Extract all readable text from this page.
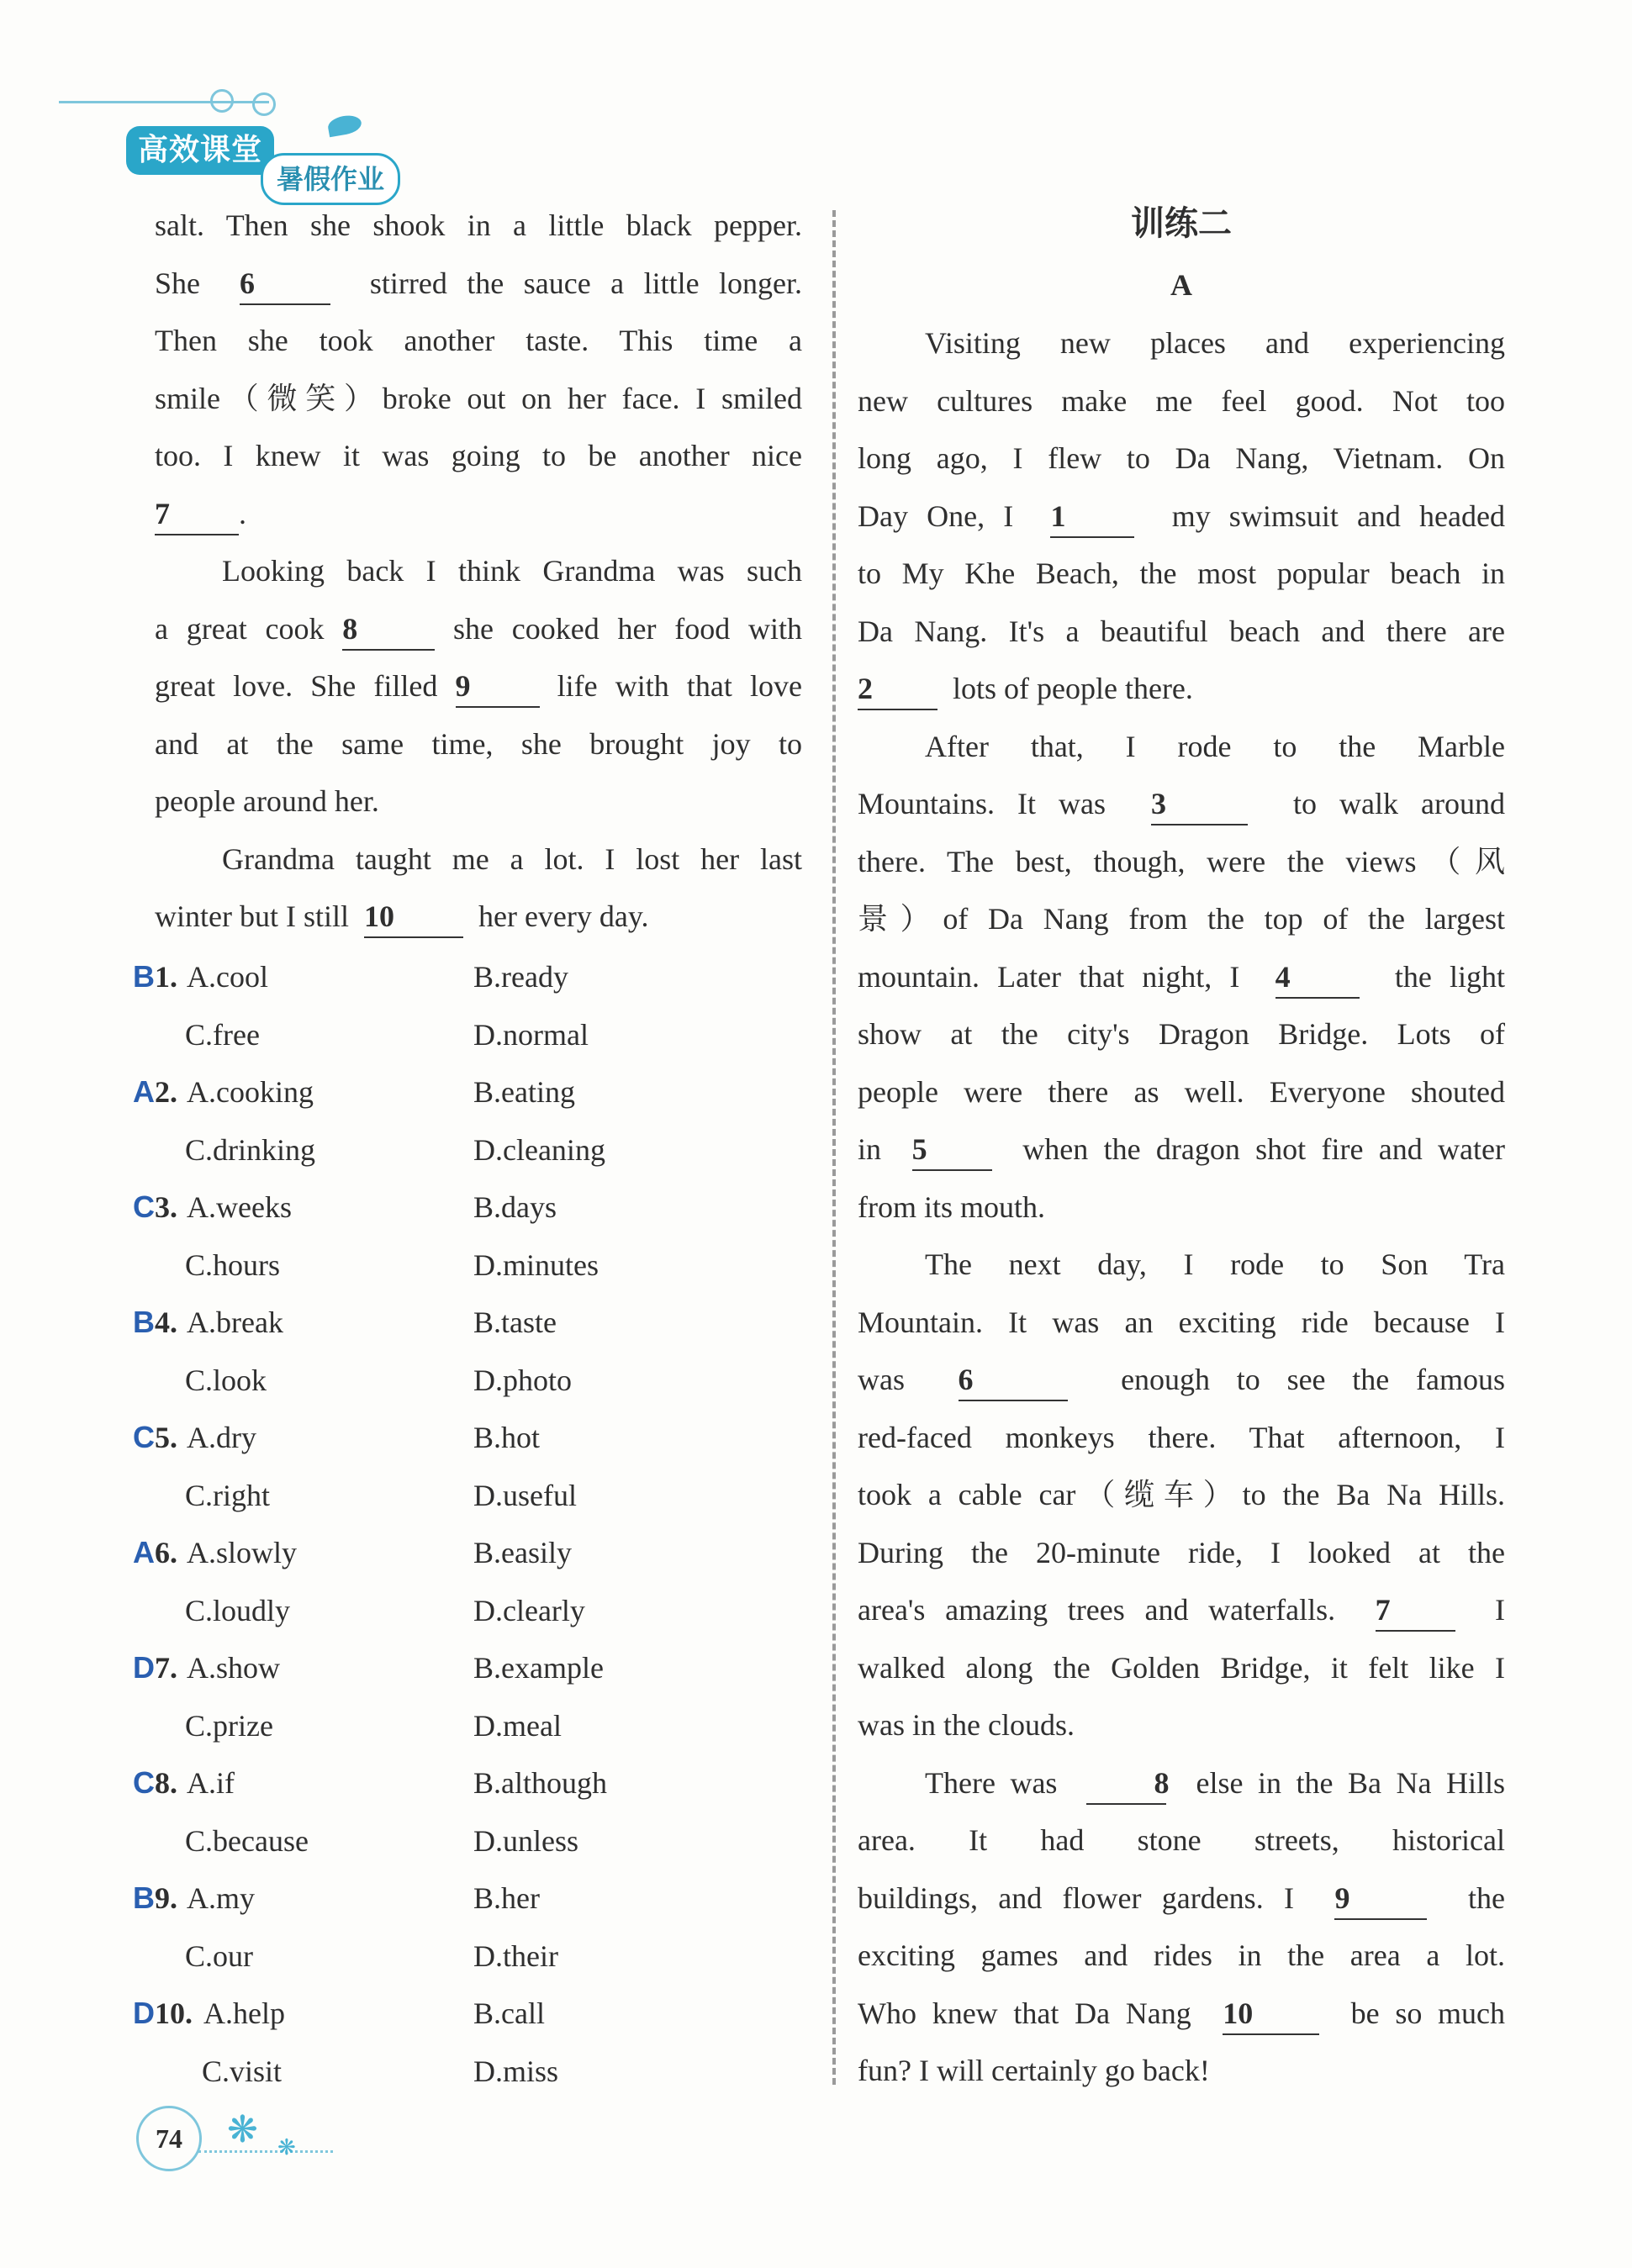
高效课堂
暑假作业

salt. Then she shook in a little black pepper.

She 6	stirred the sauce a little longer.

Then she took another taste. This time a

smile（微笑）broke out on her face. I smiled

too. I knew it was going to be another nice

7 .

Looking back I think Grandma was such

a great cook 8	she cooked her food with

great love. She filled 9	life with that love

and at the same time, she brought joy to

people around her.

Grandma taught me a lot. I lost her last

winter but I still 10	her every day.

B 1. A.cool	B.ready
C.free	D.normal
A 2. A.cooking	B.eating
C.drinking	D.cleaning
C 3. A.weeks	B.days
C.hours	D.minutes
B 4. A.break	B.taste
C.look	D.photo
C 5. A.dry	B.hot
C.right	D.useful
A 6. A.slowly	B.easily
C.loudly	D.clearly
D 7. A.show	B.example
C.prize	D.meal
C 8. A.if	B.although
C.because	D.unless
B 9. A.my	B.her
C.our	D.their
D 10. A.help	B.call
C.visit	D.miss
训练二
A

Visiting new places and experiencing

new cultures make me feel good. Not too

long ago, I flew to Da Nang, Vietnam. On

Day One, I 1	my swimsuit and headed

to My Khe Beach, the most popular beach in

Da Nang. It's a beautiful beach and there are

2	lots of people there.

After that, I rode to the Marble

Mountains. It was 3	to walk around

there. The best, though, were the views（风

景）of Da Nang from the top of the largest

mountain. Later that night, I 4	the light

show at the city's Dragon Bridge. Lots of

people were there as well. Everyone shouted

in 5	when the dragon shot fire and water

from its mouth.

The next day, I rode to Son Tra

Mountain. It was an exciting ride because I

was 6	enough to see the famous

red-faced monkeys there. That afternoon, I

took a cable car（缆车）to the Ba Na Hills.

During the 20-minute ride, I looked at the

area's amazing trees and waterfalls. 7	I

walked along the Golden Bridge, it felt like I

was in the clouds.

There was	8 else in the Ba Na Hills

area. It had stone streets, historical

buildings, and flower gardens. I 9	the

exciting games and rides in the area a lot.

Who knew that Da Nang 10	be so much

fun? I will certainly go back!

74	❋ ❋
